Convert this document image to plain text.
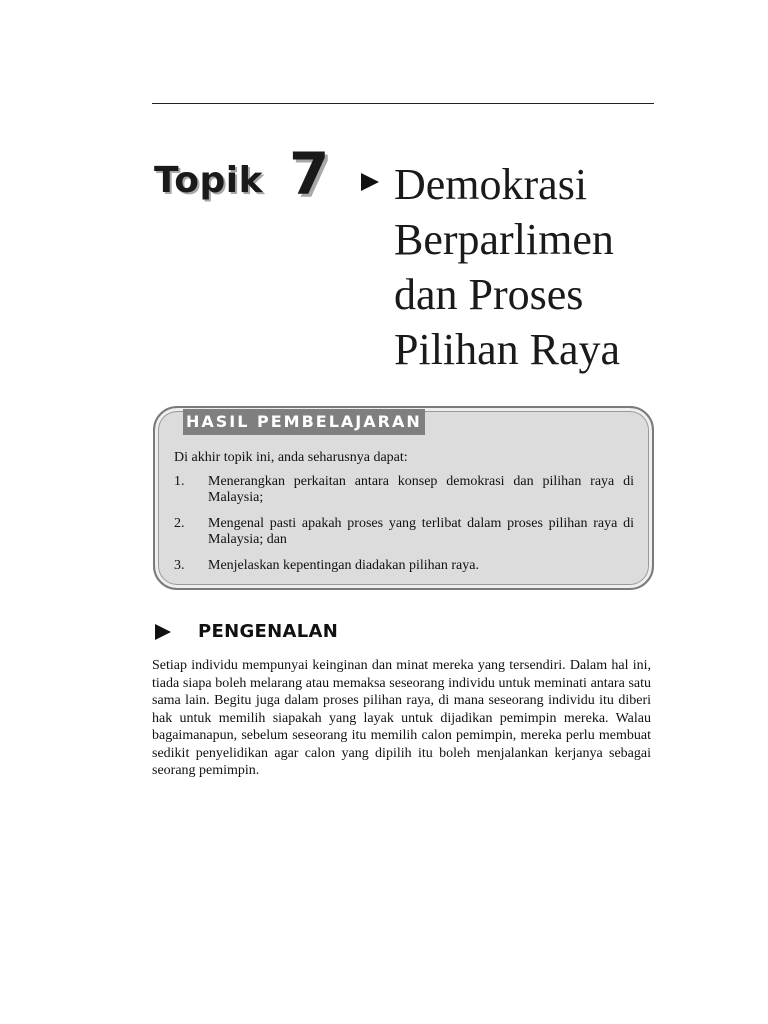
Topik 7 Demokrasi
Berparlimen
dan Proses
Pilihan Raya
HASIL PEMBELAJARAN
Di akhir topik ini, anda seharusnya dapat:
1. Menerangkan perkaitan antara konsep demokrasi dan pilihan raya di Malaysia;
2. Mengenal pasti apakah proses yang terlibat dalam proses pilihan raya di Malaysia; dan
3. Menjelaskan kepentingan diadakan pilihan raya.
PENGENALAN

Setiap individu mempunyai keinginan dan minat mereka yang tersendiri. Dalam hal ini, tiada siapa boleh melarang atau memaksa seseorang individu untuk meminati antara satu sama lain. Begitu juga dalam proses pilihan raya, di mana seseorang individu itu diberi hak untuk memilih siapakah yang layak untuk dijadikan pemimpin mereka. Walau bagaimanapun, sebelum seseorang itu memilih calon pemimpin, mereka perlu membuat sedikit penyelidikan agar calon yang dipilih itu boleh menjalankan kerjanya sebagai seorang pemimpin.
